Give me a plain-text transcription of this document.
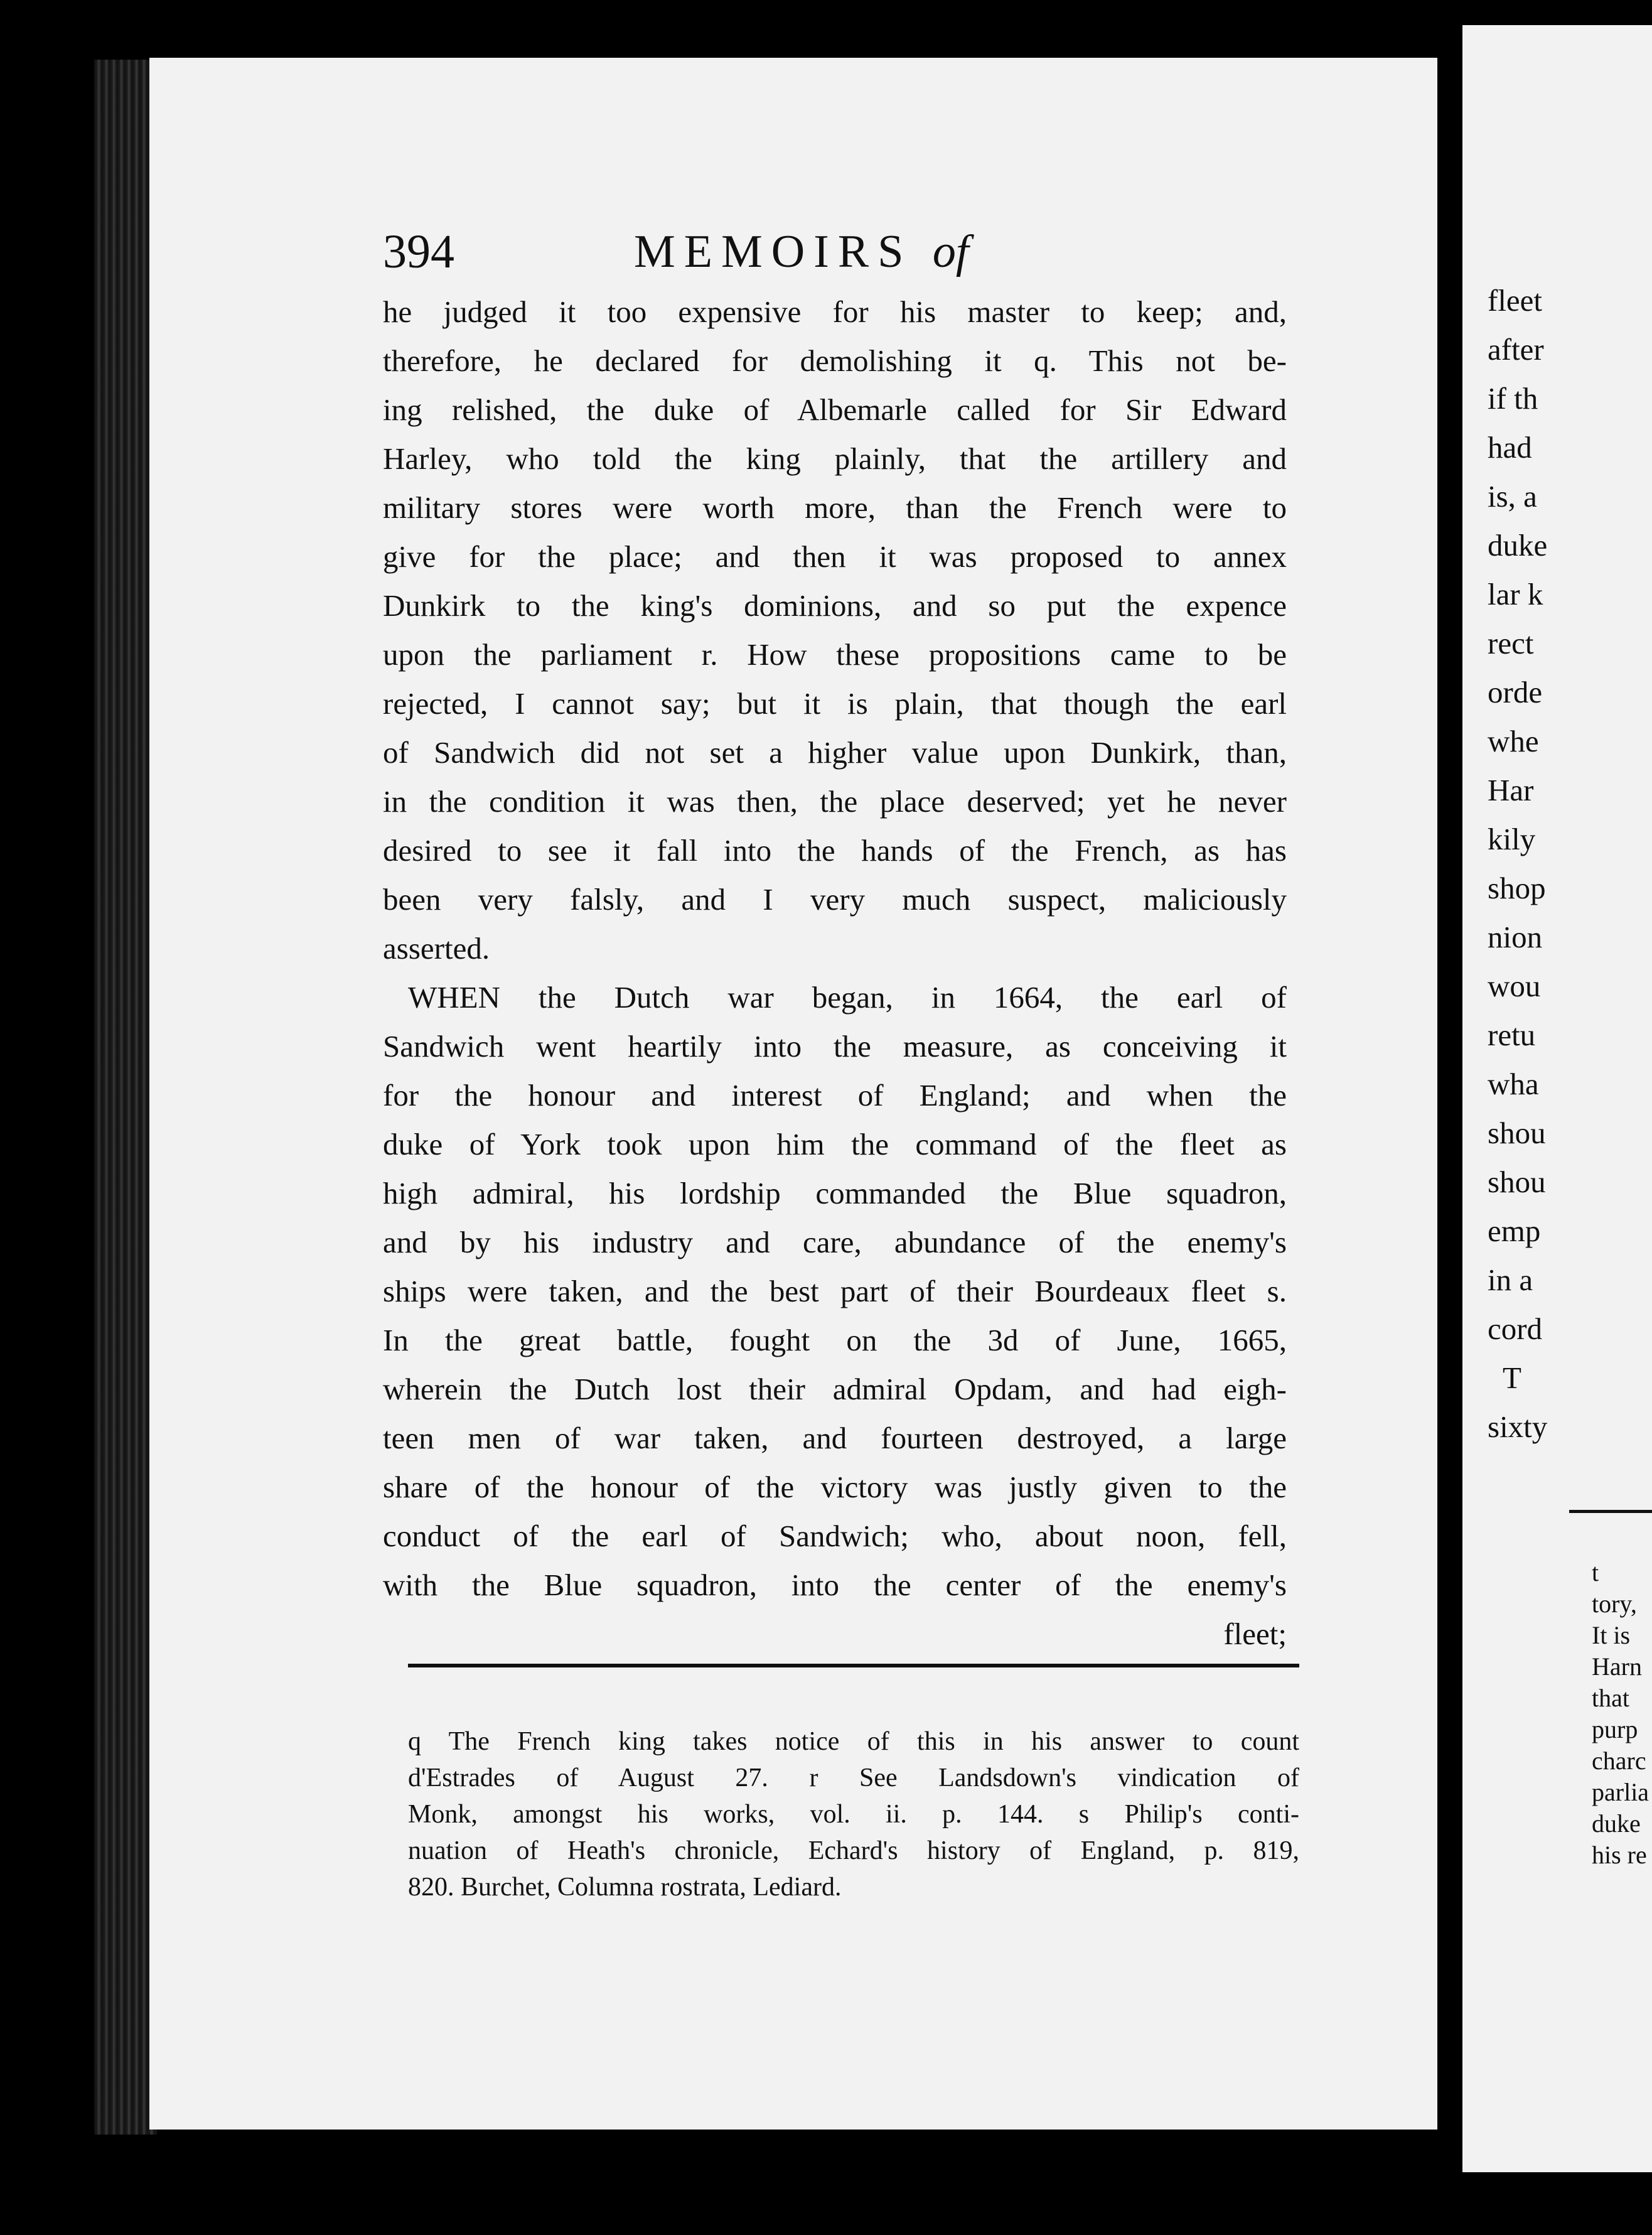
394	MEMOIRS of
he judged it too expensive for his master to keep; and,
therefore, he declared for demolishing it q. This not be-
ing relished, the duke of Albemarle called for Sir Edward
Harley, who told the king plainly, that the artillery and
military stores were worth more, than the French were to
give for the place; and then it was proposed to annex
Dunkirk to the king's dominions, and so put the expence
upon the parliament r. How these propositions came to be
rejected, I cannot say; but it is plain, that though the earl
of Sandwich did not set a higher value upon Dunkirk, than,
in the condition it was then, the place deserved; yet he never
desired to see it fall into the hands of the French, as has
been very falsly, and I very much suspect, maliciously
asserted.
WHEN the Dutch war began, in 1664, the earl of
Sandwich went heartily into the measure, as conceiving it
for the honour and interest of England; and when the
duke of York took upon him the command of the fleet as
high admiral, his lordship commanded the Blue squadron,
and by his industry and care, abundance of the enemy's
ships were taken, and the best part of their Bourdeaux fleet s.
In the great battle, fought on the 3d of June, 1665,
wherein the Dutch lost their admiral Opdam, and had eigh-
teen men of war taken, and fourteen destroyed, a large
share of the honour of the victory was justly given to the
conduct of the earl of Sandwich; who, about noon, fell,
with the Blue squadron, into the center of the enemy's
fleet;
q The French king takes notice of this in his answer to count
d'Estrades of August 27. r See Landsdown's vindication of
Monk, amongst his works, vol. ii. p. 144. s Philip's conti-
nuation of Heath's chronicle, Echard's history of England, p. 819,
820. Burchet, Columna rostrata, Lediard.
fleet
after
if th
had
is, a
duke
lar k
rect
orde
whe
Har
kily
shop
nion
wou
retu
wha
shou
shou
emp
in a
cord
T
sixty
t
tory,
It is
Harn
that
purp
charc
parlia
duke
his re
